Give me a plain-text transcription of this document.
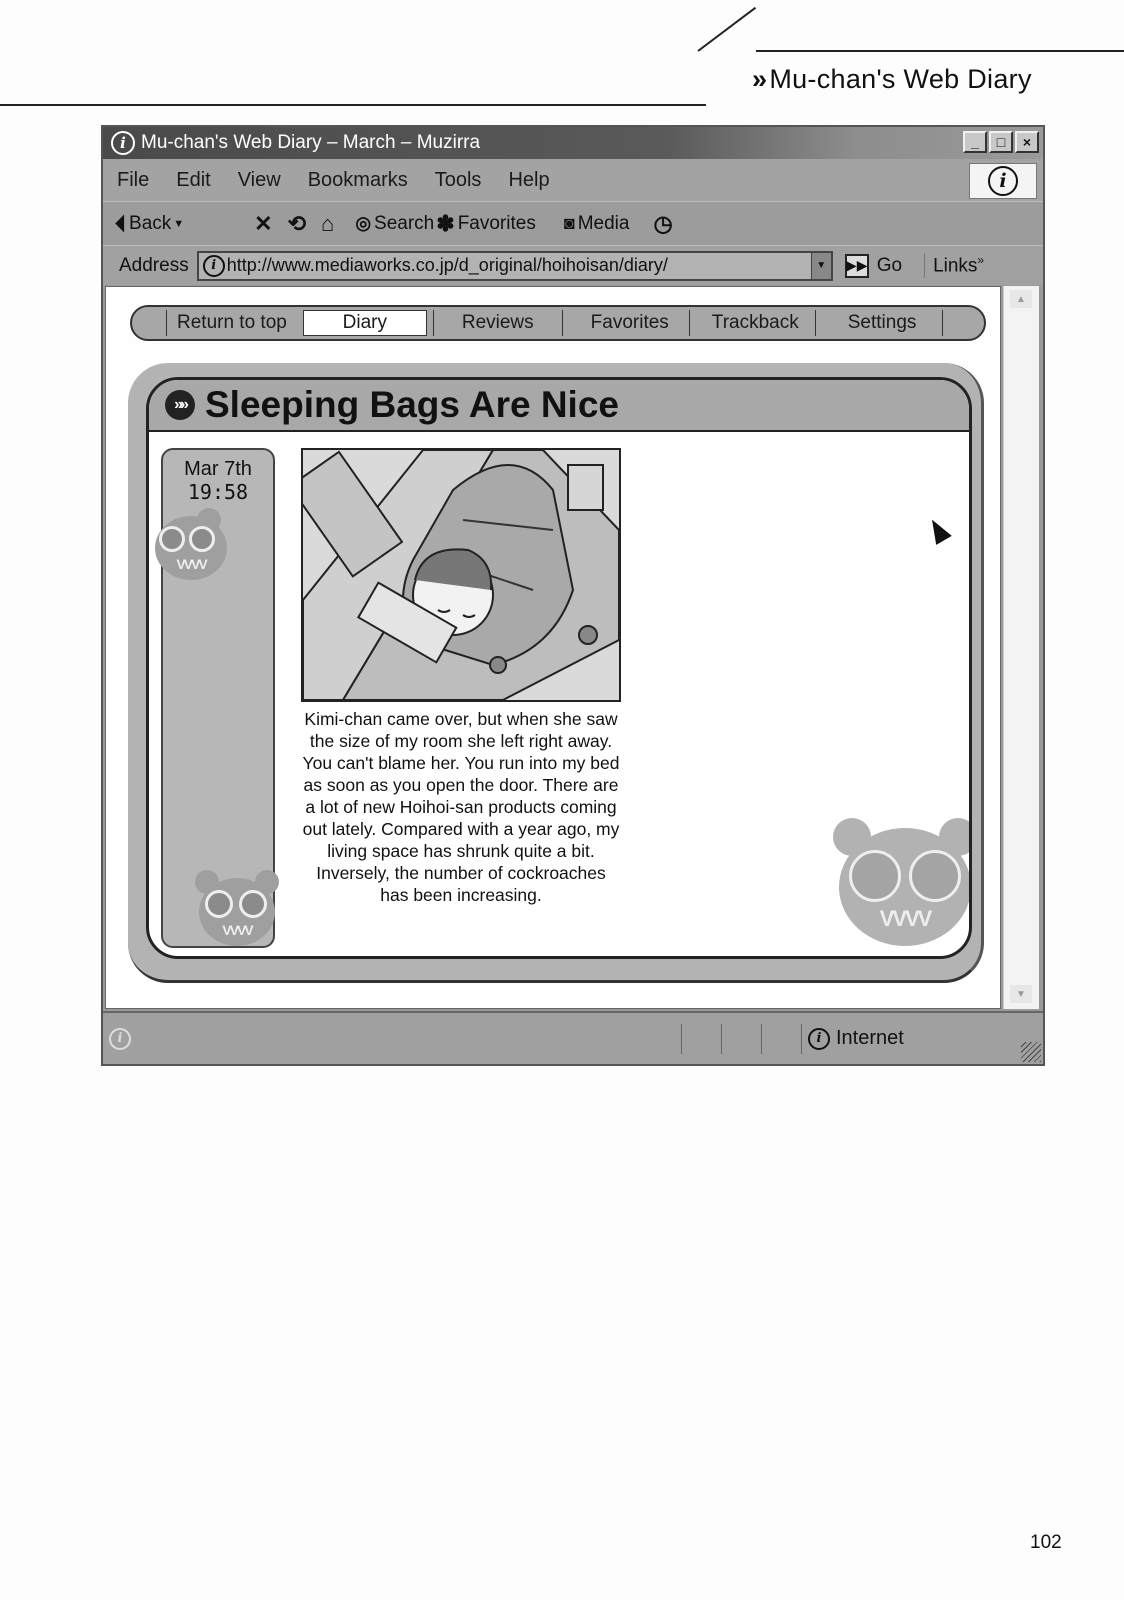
»Mu-chan's Web Diary
i Mu-chan's Web Diary – March – Muzirra	_	□	×
File Edit View Bookmarks Tools Help	i
⏴ Back ▼	✕ ⟲ ⌂ ◎ Search ✽ Favorites ◙ Media ◷
Address	i http://www.mediaworks.co.jp/d_original/hoihoisan/diary/	▼	▶▶ Go	Links»
Return to top	Diary	Reviews	Favorites	Trackback	Settings
»» Sleeping Bags Are Nice
Mar 7th
19:58
VVVV
VVVV
Kimi-chan came over, but when she saw the size of my room she left right away. You can't blame her. You run into my bed as soon as you open the door. There are a lot of new Hoihoi-san products coming out lately. Compared with a year ago, my living space has shrunk quite a bit. Inversely, the number of cockroaches has been increasing.
VVVV
▲
▼
i	i Internet
102
